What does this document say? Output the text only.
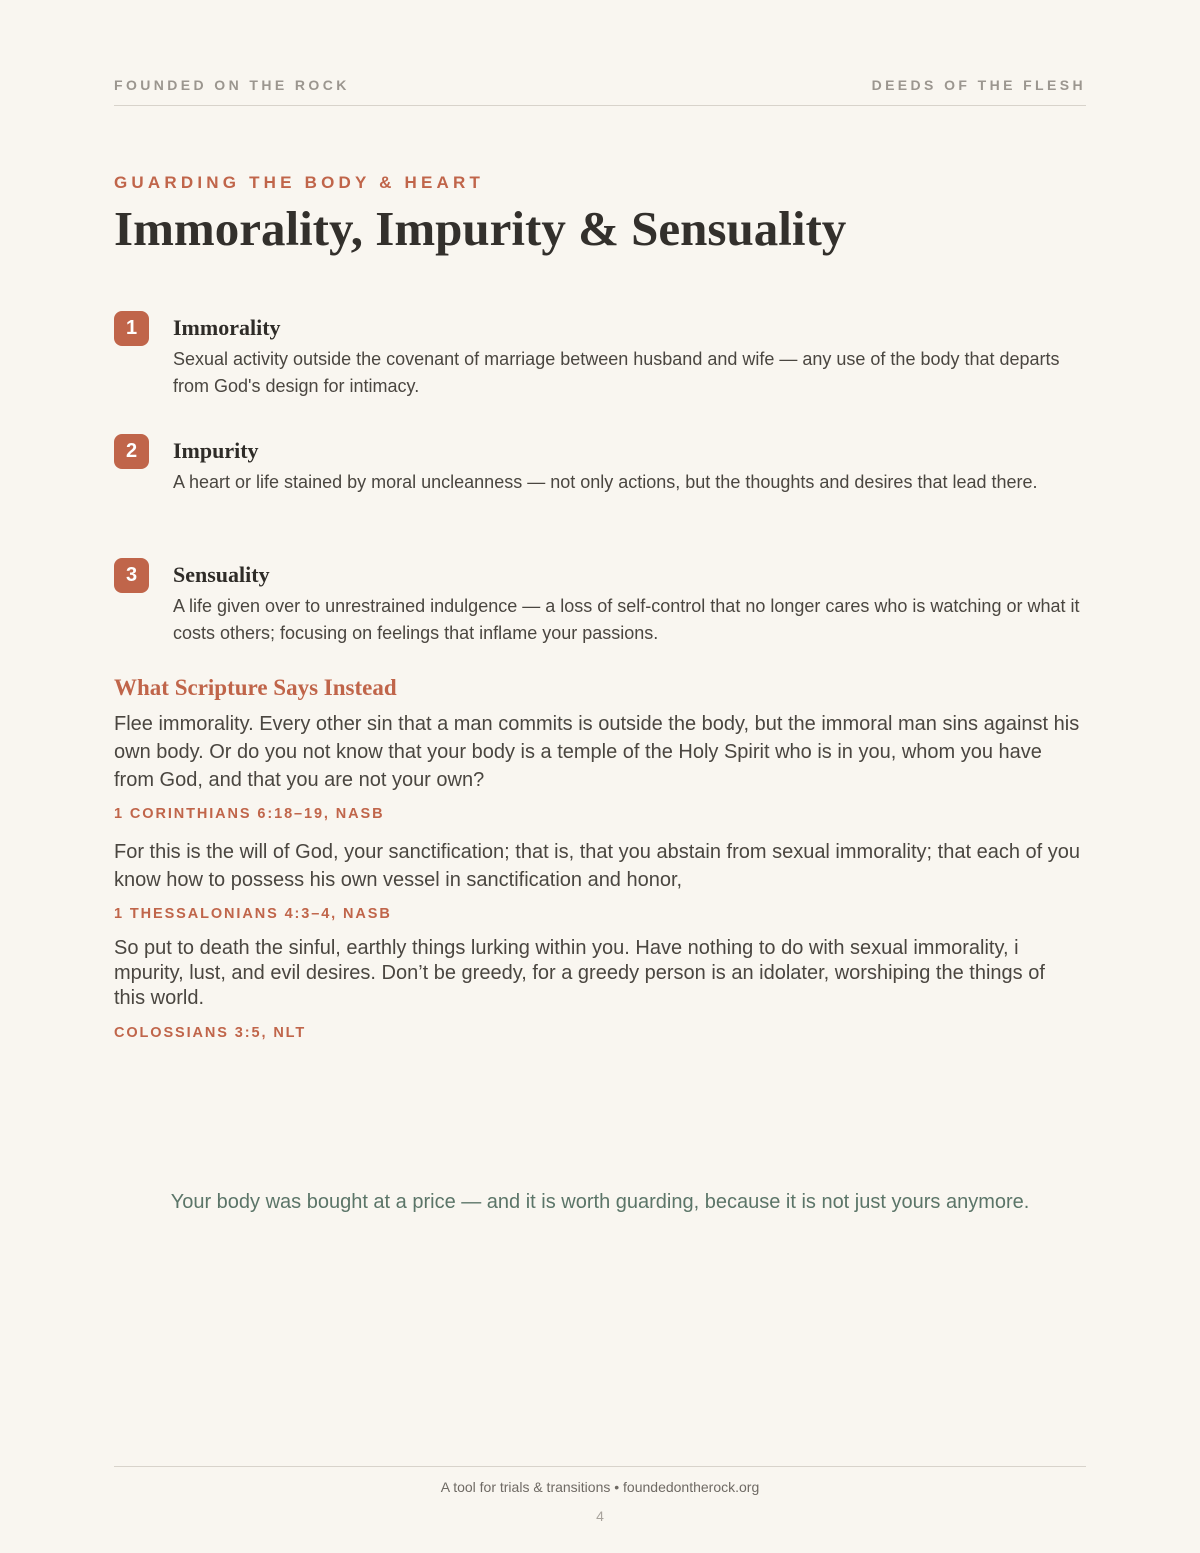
FOUNDED ON THE ROCK	DEEDS OF THE FLESH
GUARDING THE BODY & HEART
Immorality, Impurity & Sensuality
1	Immorality
Sexual activity outside the covenant of marriage between husband and wife — any use of the body that departs from God's design for intimacy.
2	Impurity
A heart or life stained by moral uncleanness — not only actions, but the thoughts and desires that lead there.
3	Sensuality
A life given over to unrestrained indulgence — a loss of self-control that no longer cares who is watching or what it costs others; focusing on feelings that inflame your passions.
What Scripture Says Instead
Flee immorality. Every other sin that a man commits is outside the body, but the immoral man sins against his own body. Or do you not know that your body is a temple of the Holy Spirit who is in you, whom you have from God, and that you are not your own?
1 CORINTHIANS 6:18–19, NASB
For this is the will of God, your sanctification; that is, that you abstain from sexual immorality; that each of you know how to possess his own vessel in sanctification and honor,
1 THESSALONIANS 4:3–4, NASB
So put to death the sinful, earthly things lurking within you. Have nothing to do with sexual immorality, i mpurity, lust, and evil desires. Don’t be greedy, for a greedy person is an idolater, worshiping the things of this world.
COLOSSIANS 3:5, NLT
Your body was bought at a price — and it is worth guarding, because it is not just yours anymore.
A tool for trials & transitions • foundedontherock.org
4
